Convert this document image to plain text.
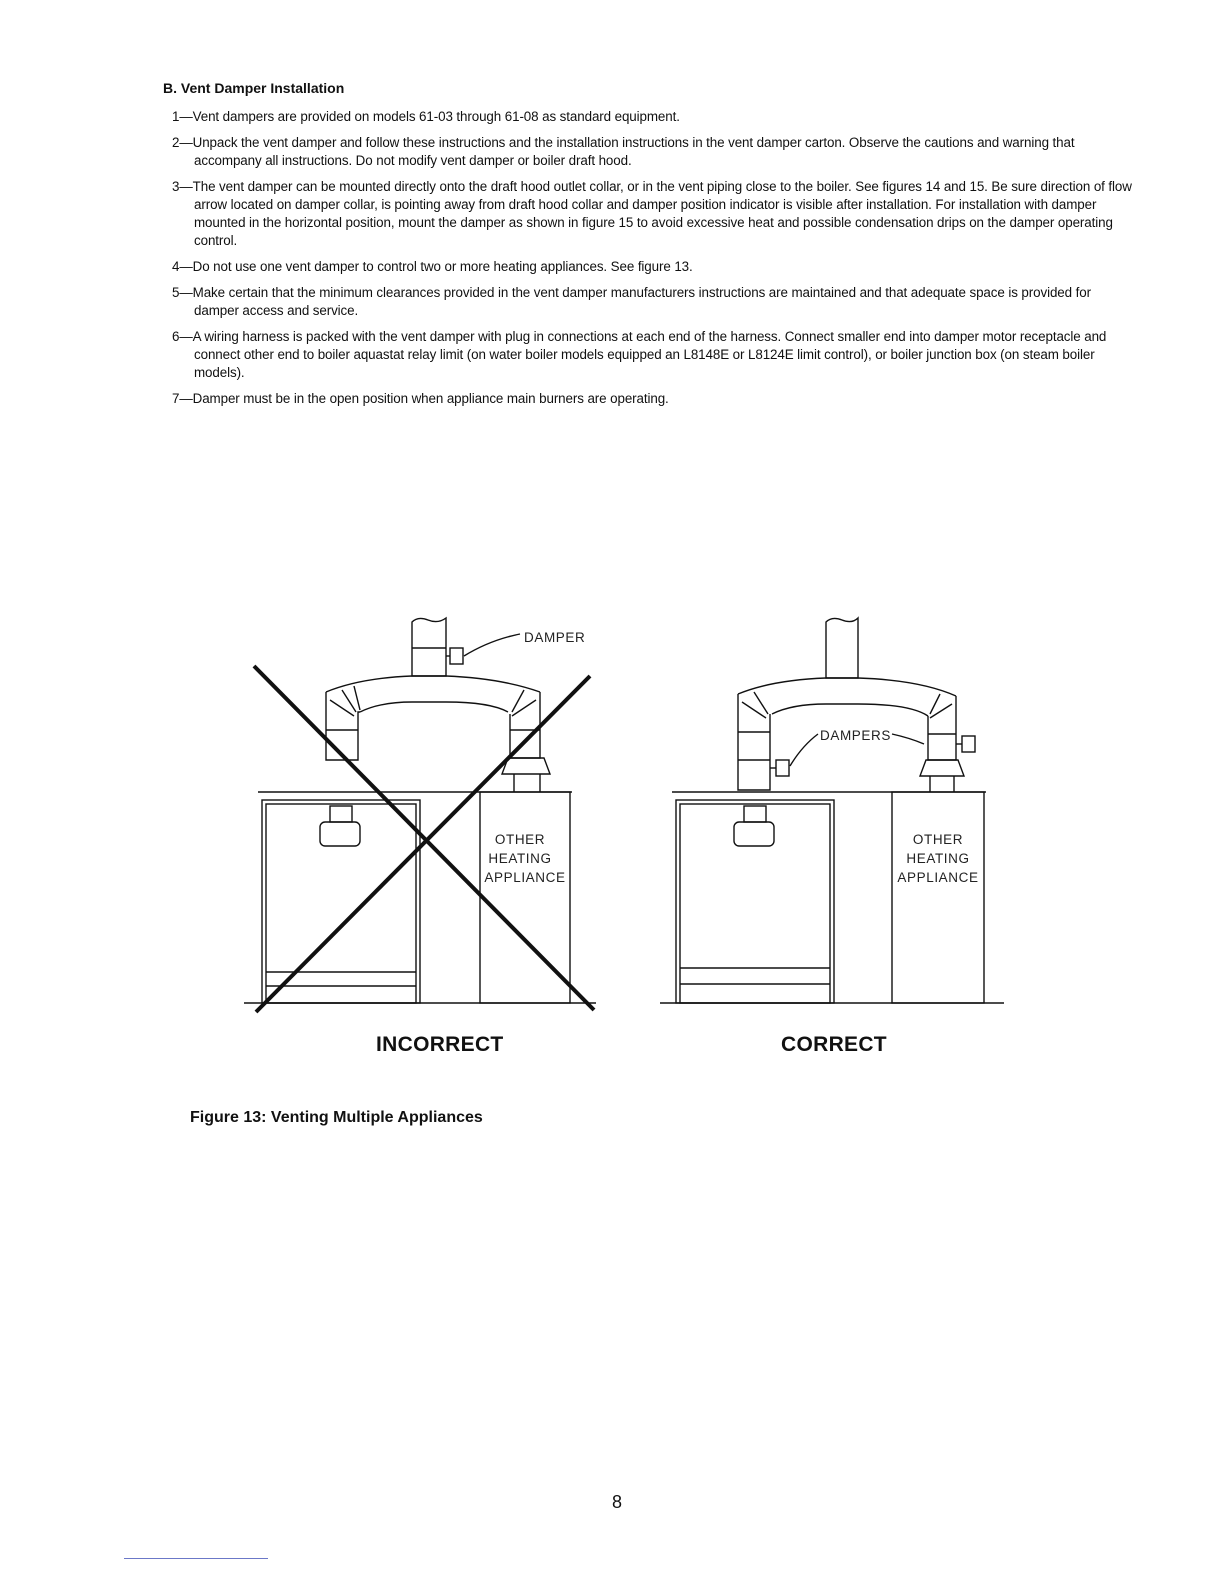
B. Vent Damper Installation
1—Vent dampers are provided on models 61-03 through 61-08 as standard equipment.
2—Unpack the vent damper and follow these instructions and the installation instructions in the vent damper carton. Observe the cautions and warning that accompany all instructions. Do not modify vent damper or boiler draft hood.
3—The vent damper can be mounted directly onto the draft hood outlet collar, or in the vent piping close to the boiler. See figures 14 and 15. Be sure direction of flow arrow located on damper collar, is pointing away from draft hood collar and damper position indicator is visible after installation. For installation with damper mounted in the horizontal position, mount the damper as shown in figure 15 to avoid excessive heat and possible condensation drips on the damper operating control.
4—Do not use one vent damper to control two or more heating appliances. See figure 13.
5—Make certain that the minimum clearances provided in the vent damper manufacturers instructions are maintained and that adequate space is provided for damper access and service.
6—A wiring harness is packed with the vent damper with plug in connections at each end of the harness. Connect smaller end into damper motor receptacle and connect other end to boiler aquastat relay limit (on water boiler models equipped an L8148E or L8124E limit control), or boiler junction box (on steam boiler models).
7—Damper must be in the open position when appliance main burners are operating.
DAMPER
OTHER
HEATING
APPLIANCE
DAMPERS
OTHER
HEATING
APPLIANCE
INCORRECT	CORRECT
Figure 13: Venting Multiple Appliances
8
